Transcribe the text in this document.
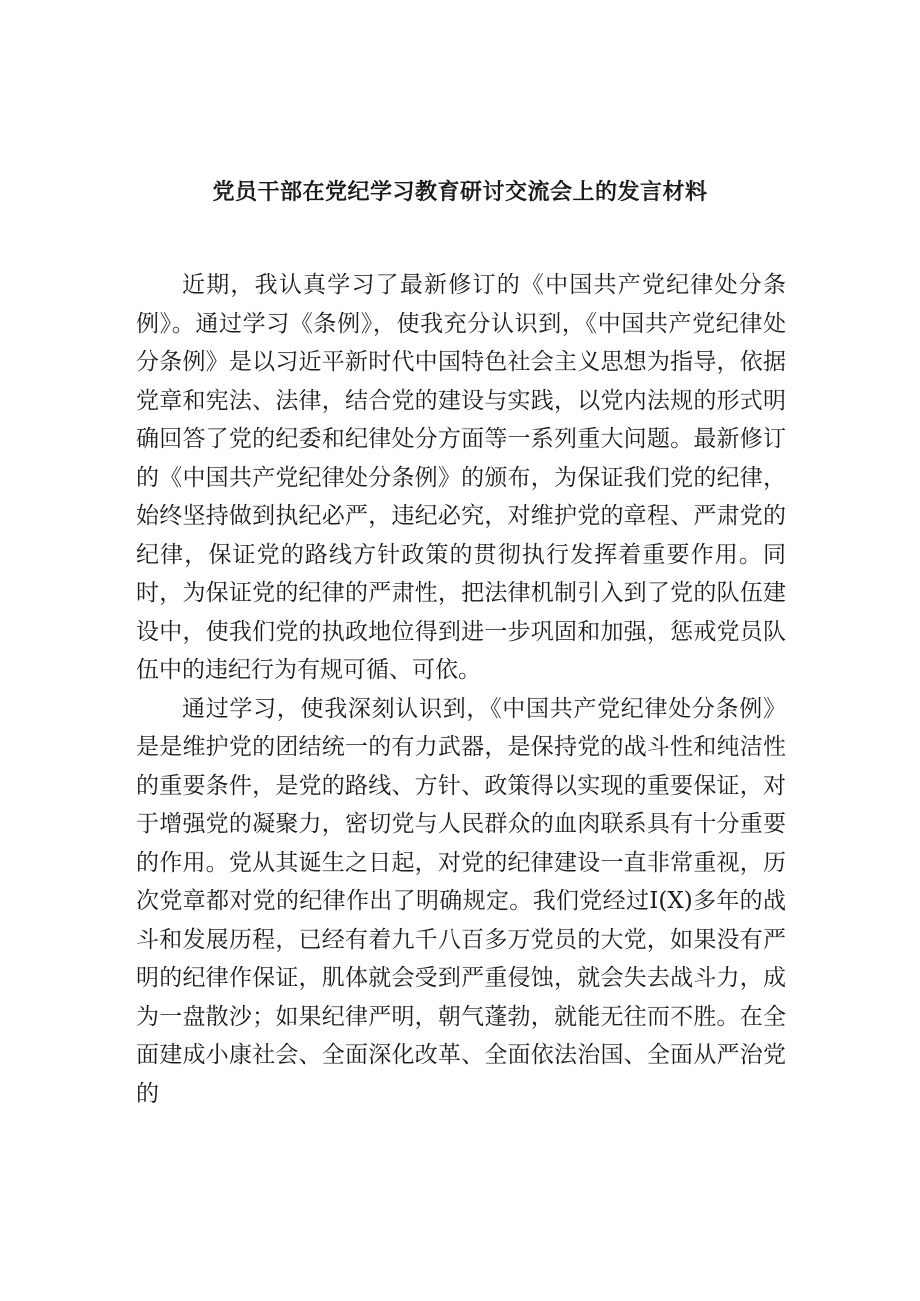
党员干部在党纪学习教育研讨交流会上的发言材料

近期，我认真学习了最新修订的《中国共产党纪律处分条例》。通过学习《条例》，使我充分认识到，《中国共产党纪律处分条例》是以习近平新时代中国特色社会主义思想为指导，依据党章和宪法、法律，结合党的建设与实践，以党内法规的形式明确回答了党的纪委和纪律处分方面等一系列重大问题。最新修订的《中国共产党纪律处分条例》的颁布，为保证我们党的纪律，始终坚持做到执纪必严，违纪必究，对维护党的章程、严肃党的纪律，保证党的路线方针政策的贯彻执行发挥着重要作用。同时，为保证党的纪律的严肃性，把法律机制引入到了党的队伍建设中，使我们党的执政地位得到进一步巩固和加强，惩戒党员队伍中的违纪行为有规可循、可依。

通过学习，使我深刻认识到，《中国共产党纪律处分条例》是是维护党的团结统一的有力武器，是保持党的战斗性和纯洁性的重要条件，是党的路线、方针、政策得以实现的重要保证，对于增强党的凝聚力，密切党与人民群众的血肉联系具有十分重要的作用。党从其诞生之日起，对党的纪律建设一直非常重视，历次党章都对党的纪律作出了明确规定。我们党经过I(X)多年的战斗和发展历程，已经有着九千八百多万党员的大党，如果没有严明的纪律作保证，肌体就会受到严重侵蚀，就会失去战斗力，成为一盘散沙；如果纪律严明，朝气蓬勃，就能无往而不胜。在全面建成小康社会、全面深化改革、全面依法治国、全面从严治党的
